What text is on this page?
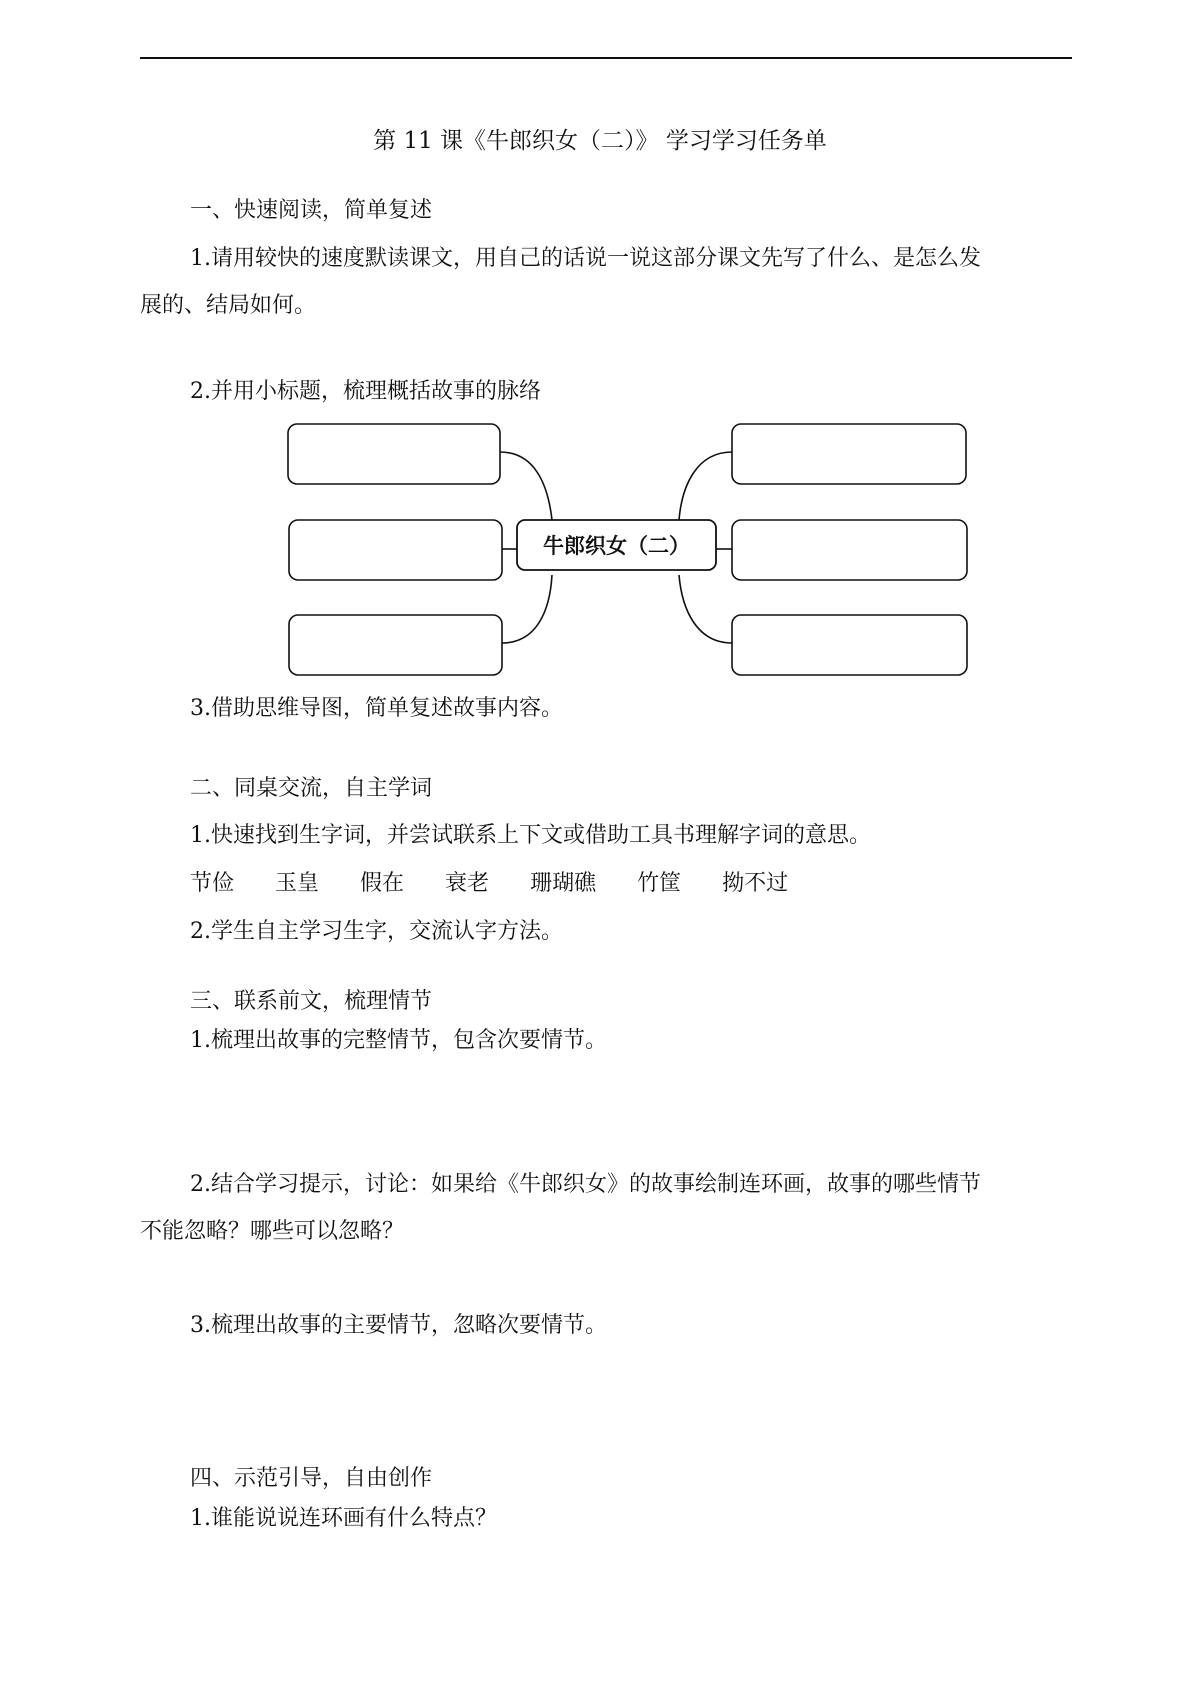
第 11 课《牛郎织女（二）》 学习学习任务单
一、快速阅读，简单复述
1.请用较快的速度默读课文，用自己的话说一说这部分课文先写了什么、是怎么发
展的、结局如何。
2.并用小标题，梳理概括故事的脉络
牛郎织女（二）
3.借助思维导图，简单复述故事内容。
二、同桌交流，自主学词
1.快速找到生字词，并尝试联系上下文或借助工具书理解字词的意思。
节俭 玉皇 假在 衰老 珊瑚礁 竹筐 拗不过
2.学生自主学习生字，交流认字方法。
三、联系前文，梳理情节
1.梳理出故事的完整情节，包含次要情节。
2.结合学习提示，讨论：如果给《牛郎织女》的故事绘制连环画，故事的哪些情节
不能忽略？哪些可以忽略？
3.梳理出故事的主要情节，忽略次要情节。
四、示范引导，自由创作
1.谁能说说连环画有什么特点？
